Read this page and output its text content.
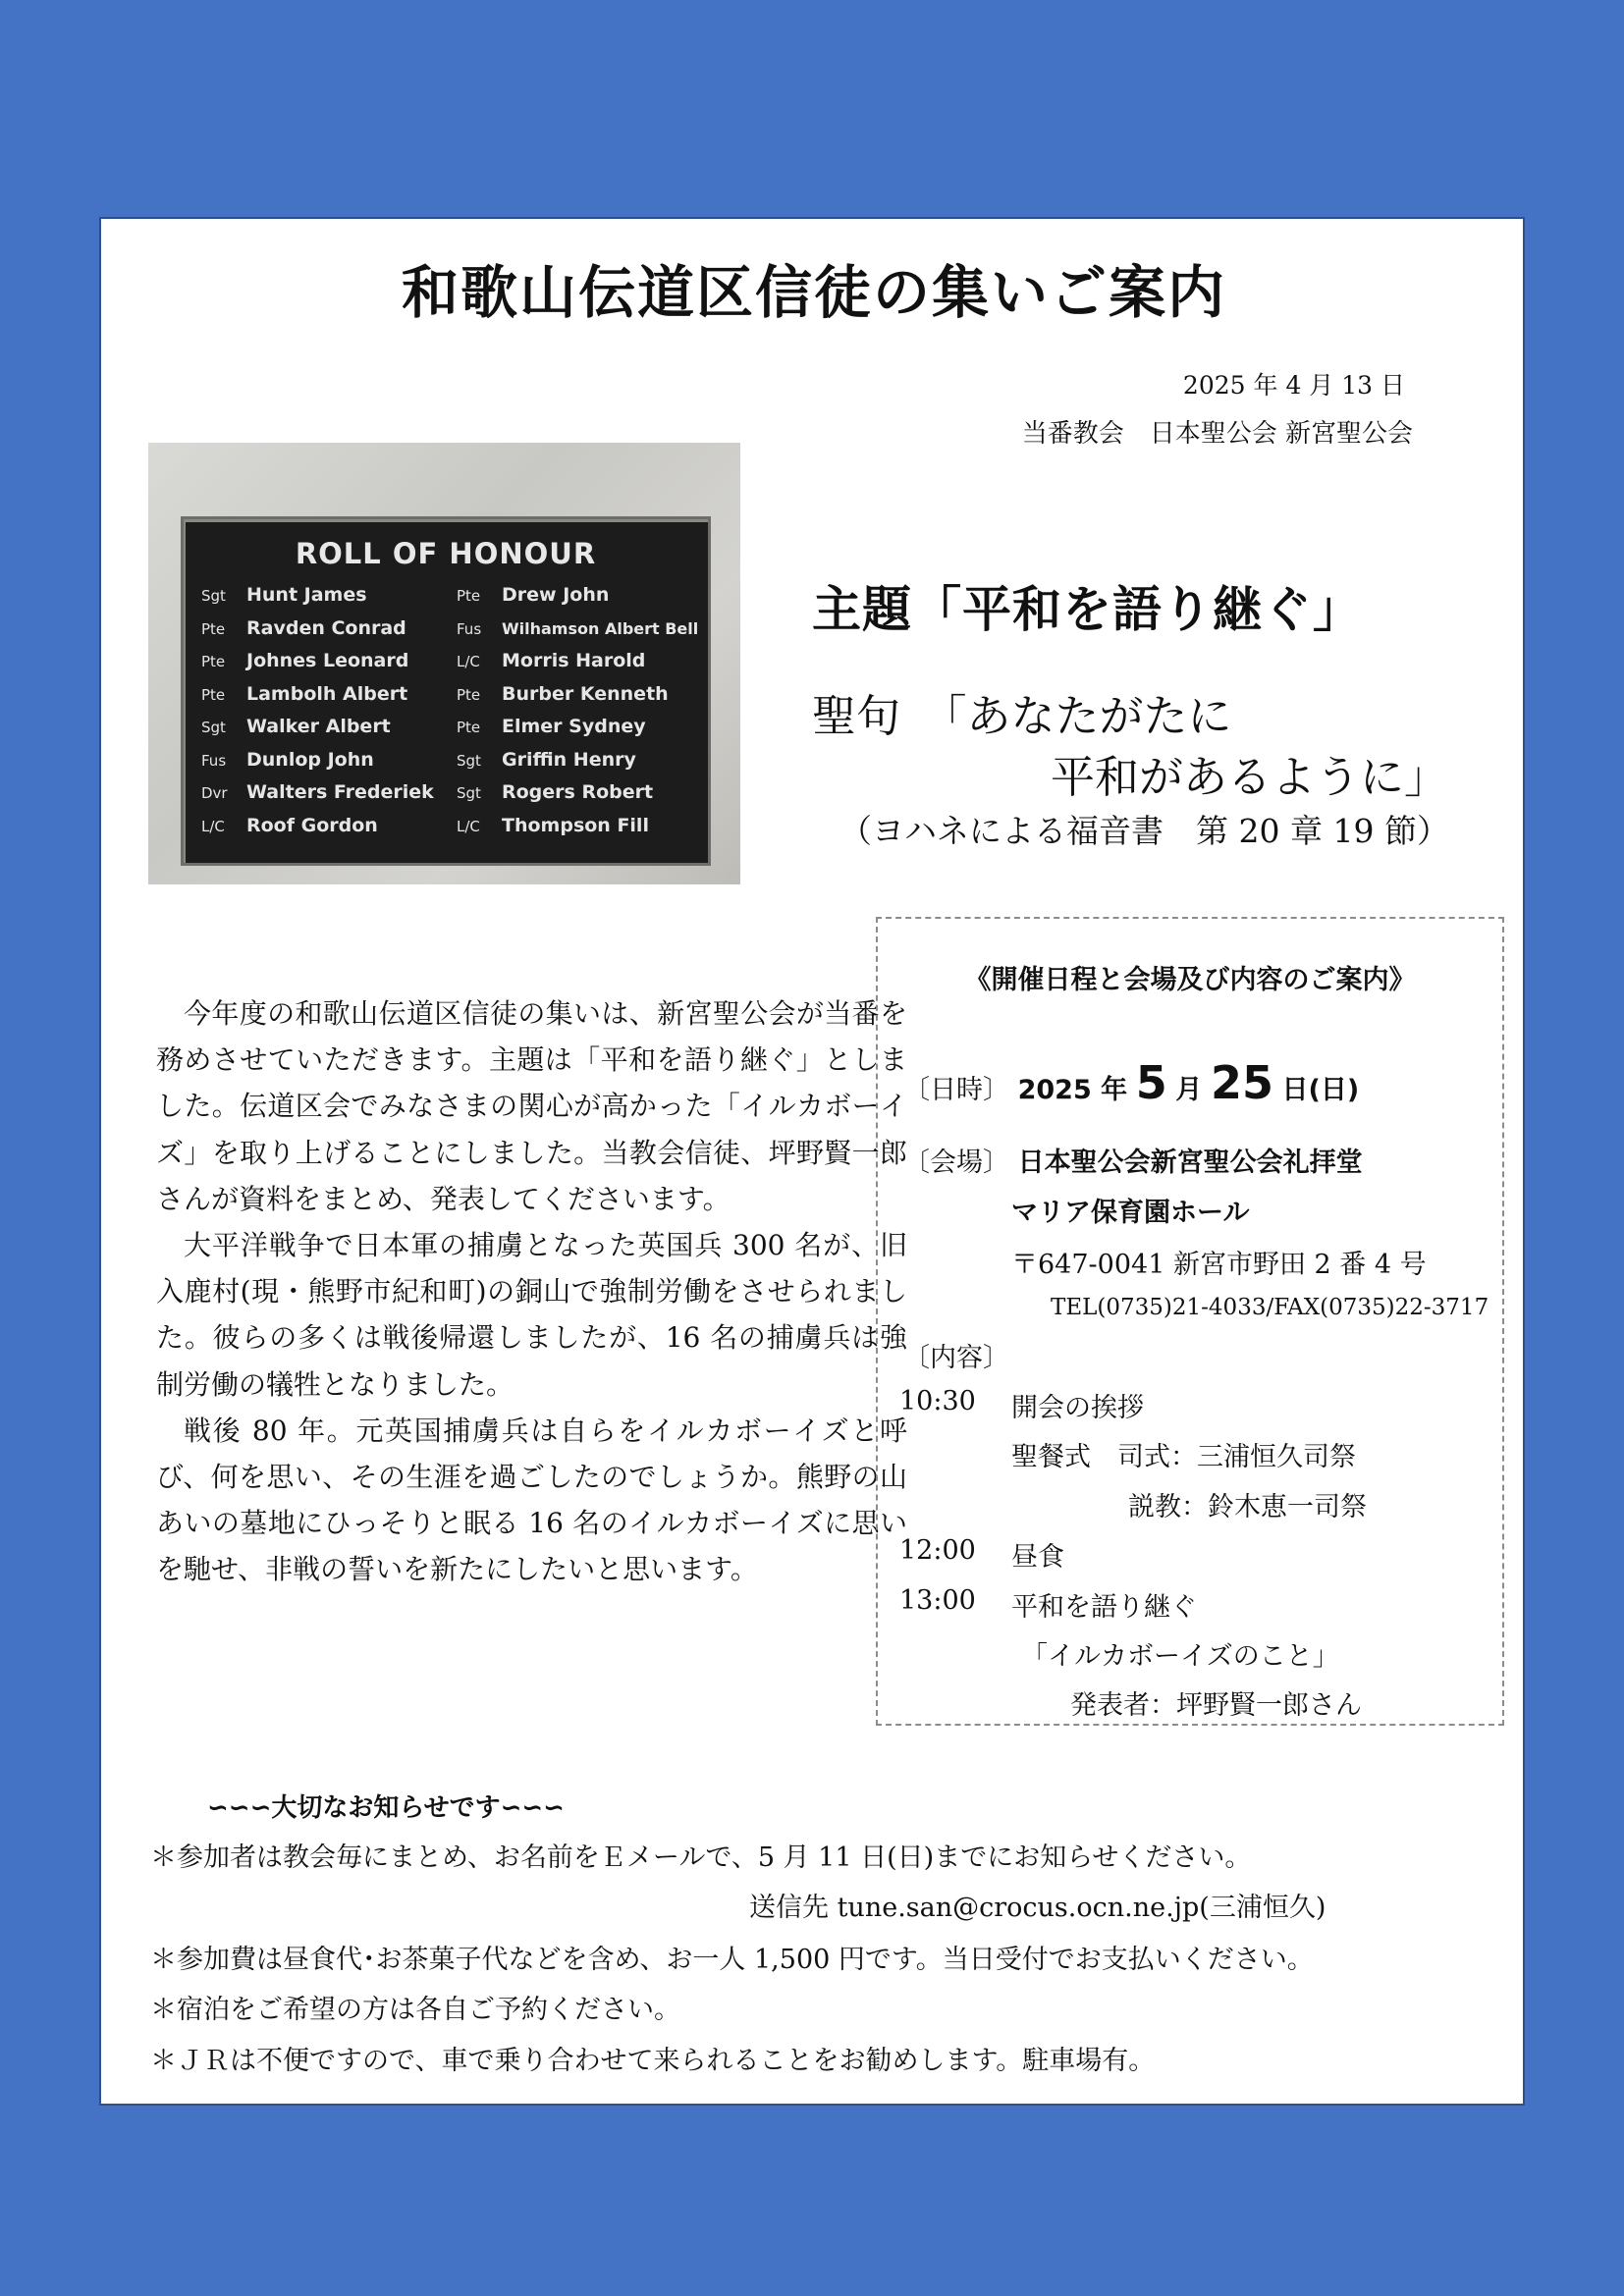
和歌山伝道区信徒の集いご案内
2025 年 4 月 13 日
当番教会　日本聖公会 新宮聖公会
ROLL OF HONOUR
Sgt Hunt James
Pte Ravden Conrad
Pte Johnes Leonard
Pte Lambolh Albert
Sgt Walker Albert
Fus Dunlop John
Dvr Walters Frederiek
L/C Roof Gordon
Pte Drew John
Fus Wilhamson Albert Bell
L/C Morris Harold
Pte Burber Kenneth
Pte Elmer Sydney
Sgt Griffin Henry
Sgt Rogers Robert
L/C Thompson Fill
主題「平和を語り継ぐ」
聖句　「あなたがたに
平和があるように」
（ヨハネによる福音書　第 20 章 19 節）

今年度の和歌山伝道区信徒の集いは、新宮聖公会が当番を務めさせていただきます。主題は「平和を語り継ぐ」としました。伝道区会でみなさまの関心が高かった「イルカボーイズ」を取り上げることにしました。当教会信徒、坪野賢一郎さんが資料をまとめ、発表してくださいます。

大平洋戦争で日本軍の捕虜となった英国兵 300 名が、旧入鹿村(現・熊野市紀和町)の銅山で強制労働をさせられました。彼らの多くは戦後帰還しましたが、16 名の捕虜兵は強制労働の犠牲となりました。

戦後 80 年。元英国捕虜兵は自らをイルカボーイズと呼び、何を思い、その生涯を過ごしたのでしょうか。熊野の山あいの墓地にひっそりと眠る 16 名のイルカボーイズに思いを馳せ、非戦の誓いを新たにしたいと思います。

《開催日程と会場及び内容のご案内》
〔日時〕 2025 年 5 月 25 日(日)
〔会場〕 日本聖公会新宮聖公会礼拝堂
マリア保育園ホール
〒647-0041 新宮市野田 2 番 4 号
TEL(0735)21-4033/FAX(0735)22-3717
〔内容〕
10:30 開会の挨拶
聖餐式　司式：三浦恒久司祭
説教：鈴木恵一司祭
12:00 昼食
13:00 平和を語り継ぐ
「イルカボーイズのこと」
発表者：坪野賢一郎さん
∽∽∽大切なお知らせです∽∽∽
＊参加者は教会毎にまとめ、お名前をＥメールで、5 月 11 日(日)までにお知らせください。
送信先 tune.san@crocus.ocn.ne.jp(三浦恒久)
＊参加費は昼食代･お茶菓子代などを含め、お一人 1,500 円です。当日受付でお支払いください。
＊宿泊をご希望の方は各自ご予約ください。
＊ＪＲは不便ですので、車で乗り合わせて来られることをお勧めします。駐車場有。
